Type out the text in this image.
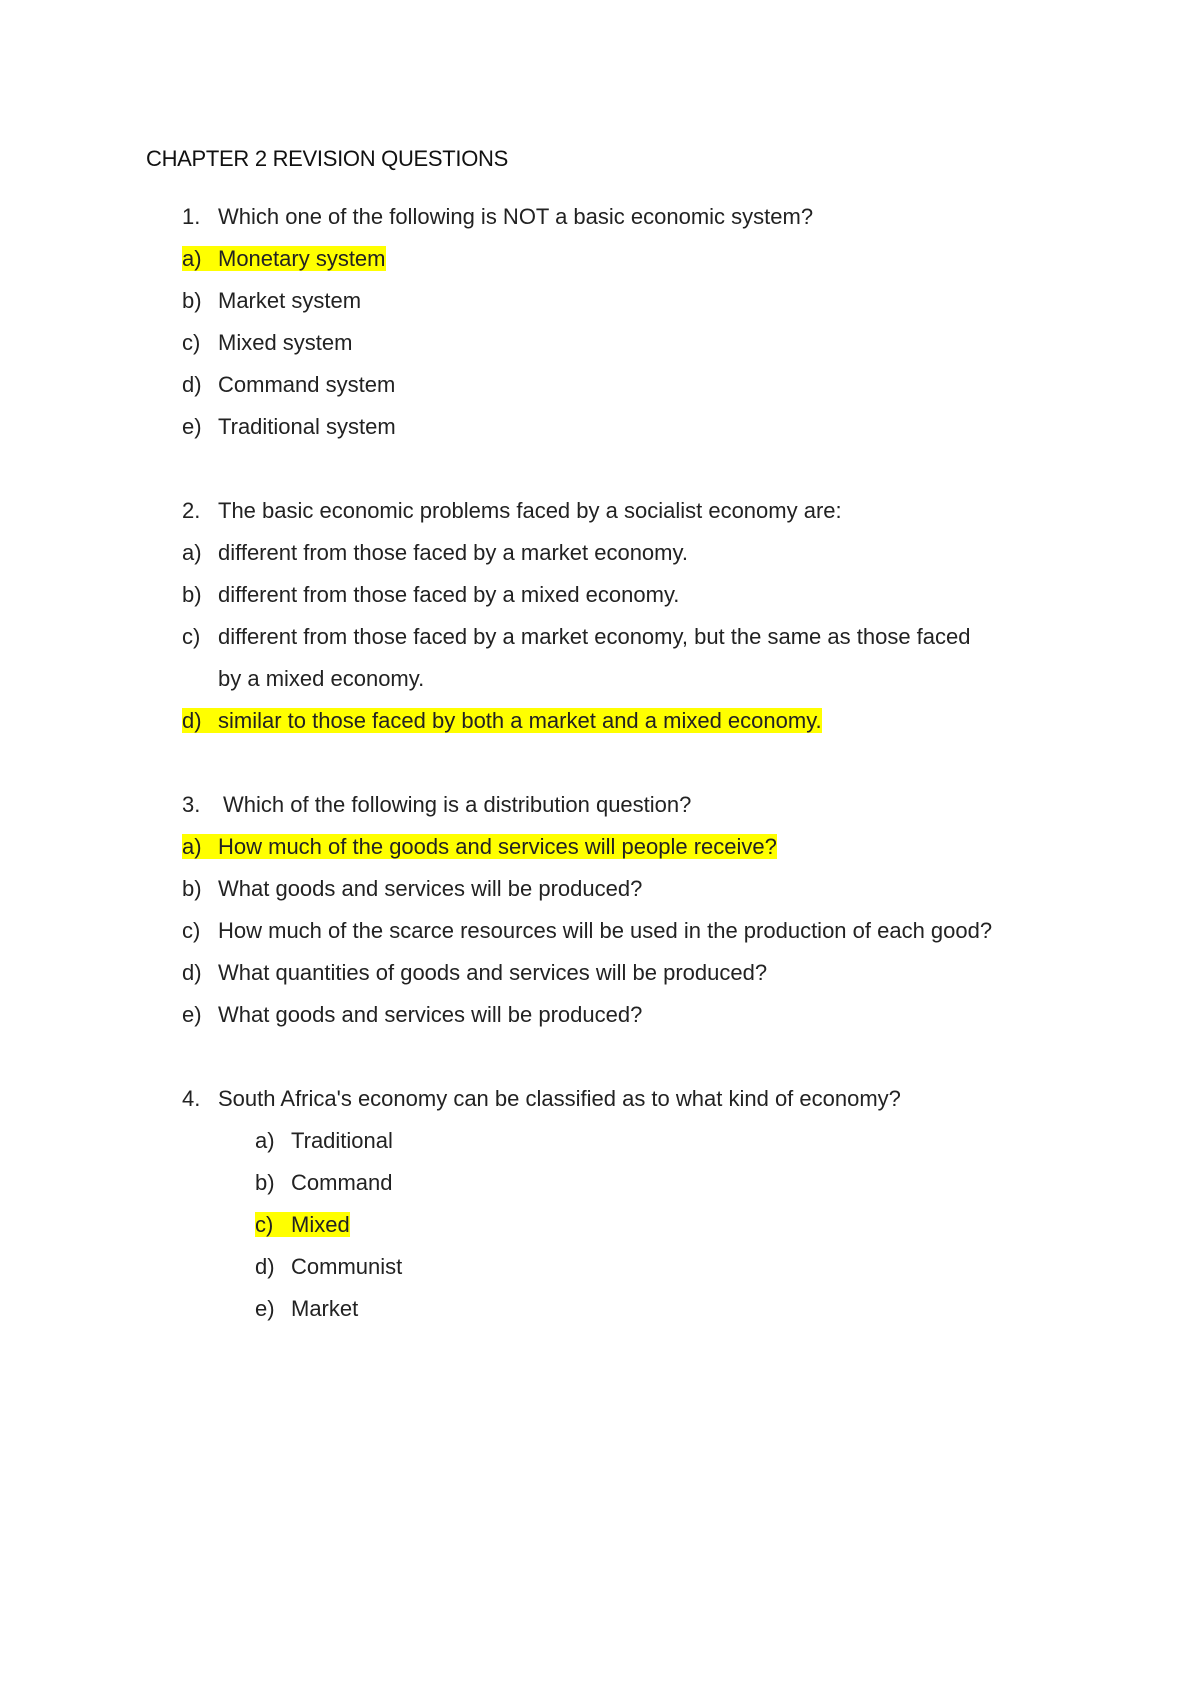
CHAPTER 2 REVISION QUESTIONS
1. Which one of the following is NOT a basic economic system?
a) Monetary system
b) Market system
c) Mixed system
d) Command system
e) Traditional system
2. The basic economic problems faced by a socialist economy are:
a) different from those faced by a market economy.
b) different from those faced by a mixed economy.
c) different from those faced by a market economy, but the same as those faced
by a mixed economy.
d) similar to those faced by both a market and a mixed economy.
3. Which of the following is a distribution question?
a) How much of the goods and services will people receive?
b) What goods and services will be produced?
c) How much of the scarce resources will be used in the production of each good?
d) What quantities of goods and services will be produced?
e) What goods and services will be produced?
4. South Africa's economy can be classified as to what kind of economy?
a) Traditional
b) Command
c) Mixed
d) Communist
e) Market
